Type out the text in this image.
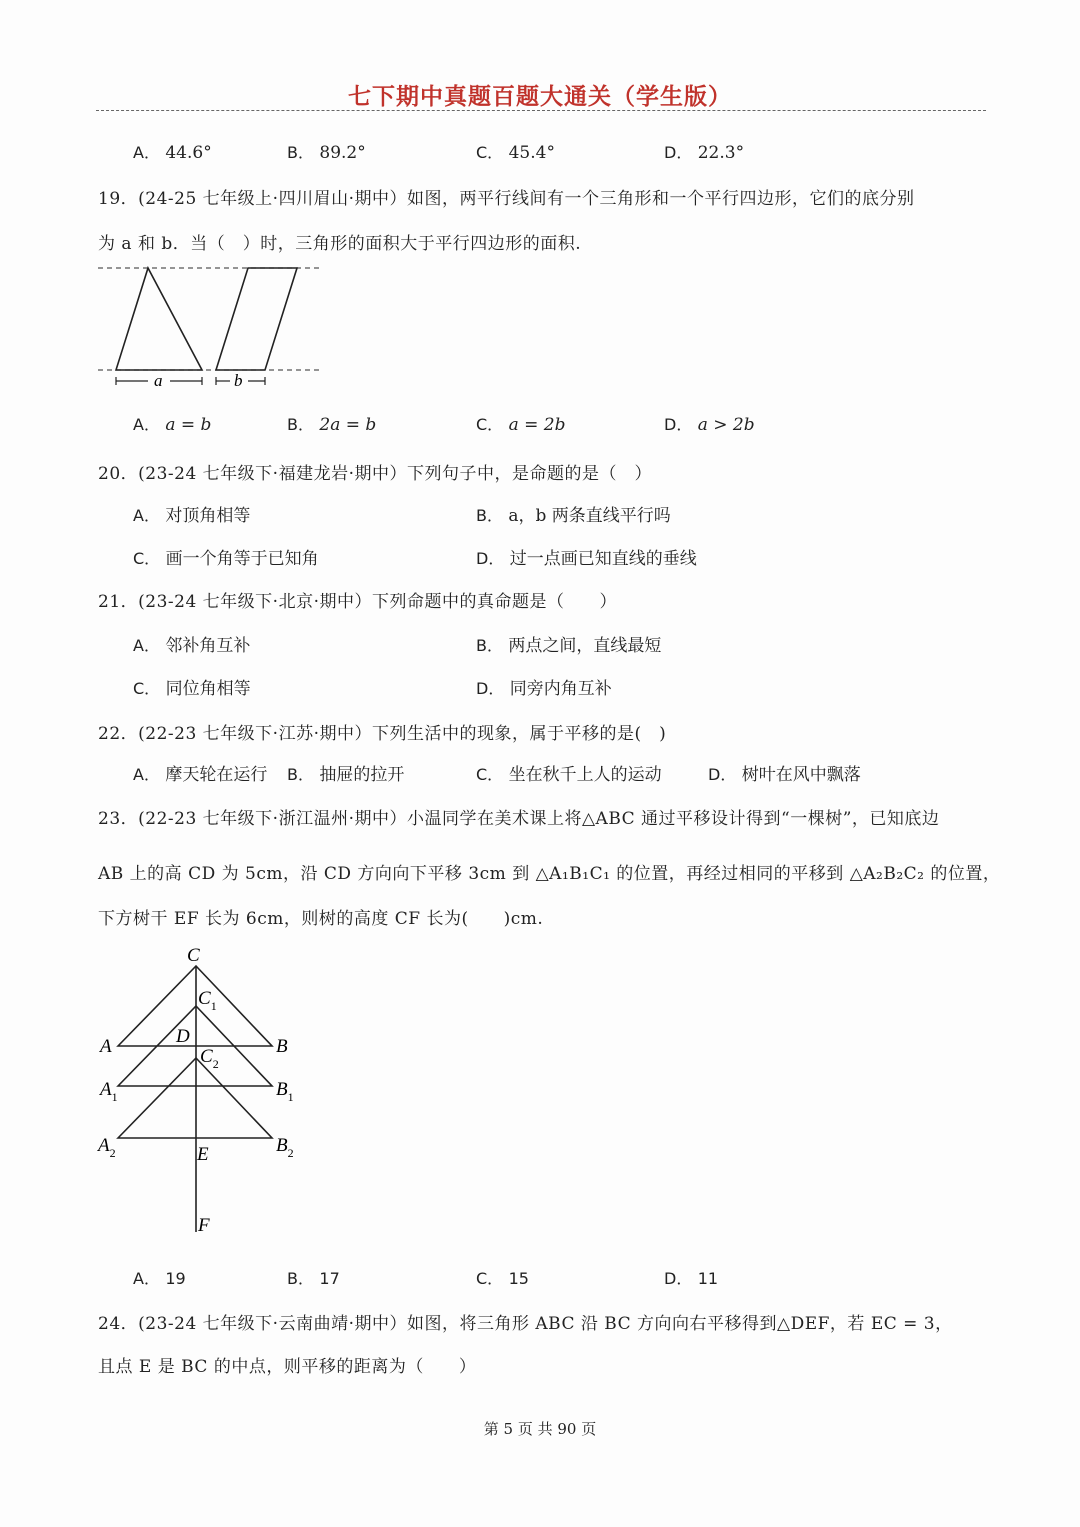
七下期中真题百题大通关（学生版）
A． 44.6°	B． 89.2°	C． 45.4°	D． 22.3°
19．(24-25 七年级上·四川眉山·期中）如图，两平行线间有一个三角形和一个平行四边形，它们的底分别
为 a 和 b．当（　）时，三角形的面积大于平行四边形的面积.
a	b
A． a = b	B． 2a = b	C． a = 2b	D． a > 2b
20．(23-24 七年级下·福建龙岩·期中）下列句子中，是命题的是（　）
A． 对顶角相等	B． a，b 两条直线平行吗
C． 画一个角等于已知角	D． 过一点画已知直线的垂线
21．(23-24 七年级下·北京·期中）下列命题中的真命题是（　　）
A． 邻补角互补	B． 两点之间，直线最短
C． 同位角相等	D． 同旁内角互补
22．(22-23 七年级下·江苏·期中）下列生活中的现象，属于平移的是(　)
A． 摩天轮在运行 B． 抽屉的拉开	C． 坐在秋千上人的运动	D． 树叶在风中飘落
23．(22-23 七年级下·浙江温州·期中）小温同学在美术课上将△ABC 通过平移设计得到“一棵树”，已知底边
AB 上的高 CD 为 5cm，沿 CD 方向向下平移 3cm 到 △A₁B₁C₁ 的位置，再经过相同的平移到 △A₂B₂C₂ 的位置，
下方树干 EF 长为 6cm，则树的高度 CF 长为(　　)cm.
C
$C_1$
A	D	B
$C_2$
$A_1$	$B_1$
$A_2$	E	$B_2$
F
A． 19	B． 17	C． 15	D． 11
24．(23-24 七年级下·云南曲靖·期中）如图，将三角形 ABC 沿 BC 方向向右平移得到△DEF，若 EC = 3，
且点 E 是 BC 的中点，则平移的距离为（　　）
第 5 页 共 90 页
